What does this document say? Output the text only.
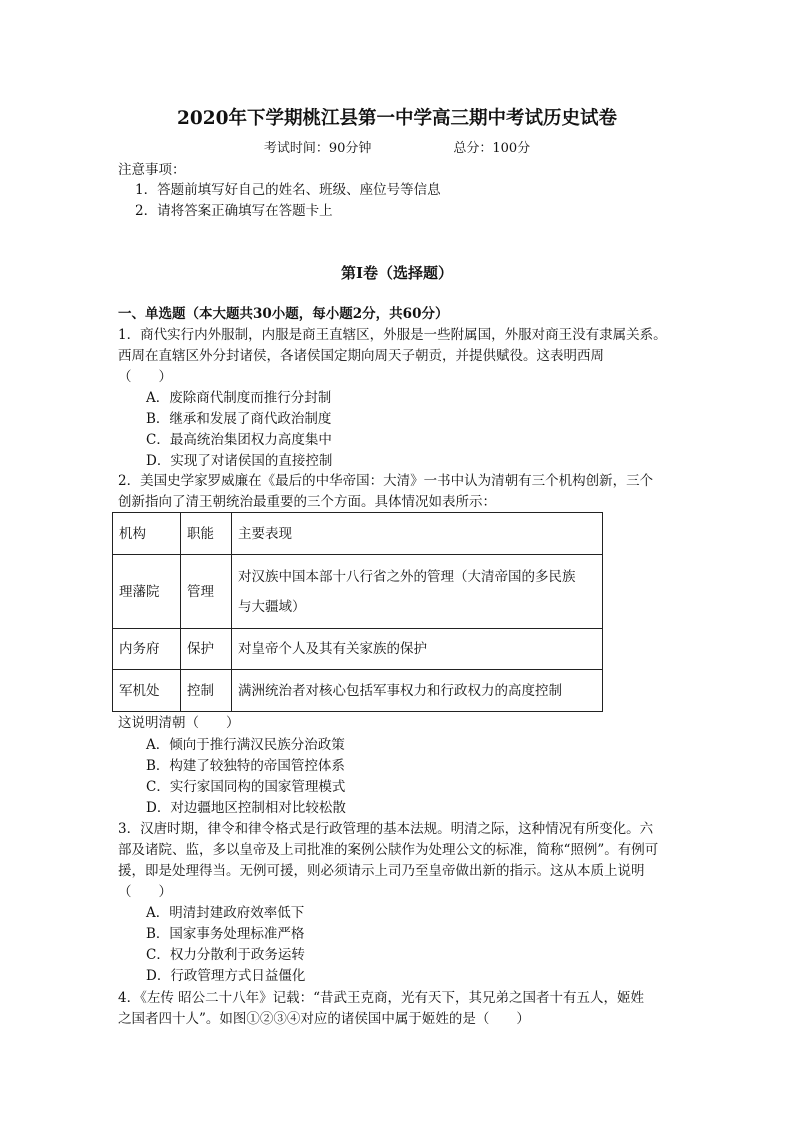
2020年下学期桃江县第一中学高三期中考试历史试卷
考试时间：90分钟	总分：100分
注意事项：
1．答题前填写好自己的姓名、班级、座位号等信息
2．请将答案正确填写在答题卡上
第I卷（选择题）
一、单选题（本大题共30小题，每小题2分，共60分）
1．商代实行内外服制，内服是商王直辖区，外服是一些附属国，外服对商王没有隶属关系。
西周在直辖区外分封诸侯，各诸侯国定期向周天子朝贡，并提供赋役。这表明西周
（　　）
A．废除商代制度而推行分封制
B．继承和发展了商代政治制度
C．最高统治集团权力高度集中
D．实现了对诸侯国的直接控制
2．美国史学家罗威廉在《最后的中华帝国：大清》一书中认为清朝有三个机构创新，三个
创新指向了清王朝统治最重要的三个方面。具体情况如表所示：
机构	职能	主要表现
理藩院	管理	对汉族中国本部十八行省之外的管理（大清帝国的多民族
与大疆域）

内务府	保护	对皇帝个人及其有关家族的保护
军机处	控制	满洲统治者对核心包括军事权力和行政权力的高度控制
这说明清朝（　　）
A．倾向于推行满汉民族分治政策
B．构建了较独特的帝国管控体系
C．实行家国同构的国家管理模式
D．对边疆地区控制相对比较松散
3．汉唐时期，律令和律令格式是行政管理的基本法规。明清之际，这种情况有所变化。六
部及诸院、监，多以皇帝及上司批准的案例公牍作为处理公文的标准，简称“照例”。有例可
援，即是处理得当。无例可援，则必须请示上司乃至皇帝做出新的指示。这从本质上说明
（　　）
A．明清封建政府效率低下
B．国家事务处理标准严格
C．权力分散利于政务运转
D．行政管理方式日益僵化
4．《左传 昭公二十八年》记载：“昔武王克商，光有天下，其兄弟之国者十有五人，姬姓
之国者四十人”。如图①②③④对应的诸侯国中属于姬姓的是（　　）
